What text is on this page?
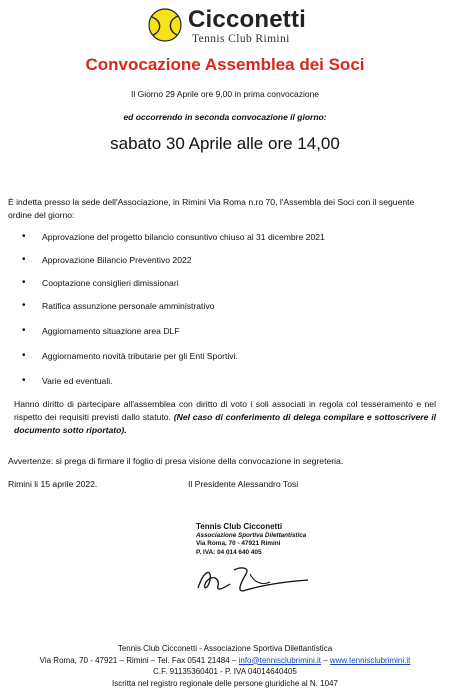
Cicconetti
Tennis Club Rimini
Convocazione Assemblea dei Soci
Il Giorno 29 Aprile ore 9,00 in prima convocazione
ed occorrendo in seconda convocazione il giorno:
sabato 30 Aprile alle ore 14,00
È indetta presso la sede dell'Associazione, in Rimini Via Roma n.ro 70, l'Assembla dei Soci con il seguente ordine del giorno:
• Approvazione del progetto bilancio consuntivo chiuso al 31 dicembre 2021
• Approvazione Bilancio Preventivo 2022
• Cooptazione consiglieri dimissionari
• Ratifica assunzione personale amministrativo
• Aggiornamento situazione area DLF
• Aggiornamento novità tributarie per gli Enti Sportivi.
• Varie ed eventuali.
Hanno diritto di partecipare all'assemblea con diritto di voto i soli associati in regola col tesseramento e nel rispetto dei requisiti previsti dallo statuto. (Nel caso di conferimento di delega compilare e sottoscrivere il documento sotto riportato).
Avvertenze: si prega di firmare il foglio di presa visione della convocazione in segreteria.
Rimini li 15 aprile 2022.	Il Presidente Alessandro Tosi
Tennis Club Cicconetti
Associazione Sportiva Dilettantistica
Via Roma, 70 - 47921 Rimini
P. IVA: 04 014 640 405
Tennis Club Cicconetti - Associazione Sportiva Dilettantistica
Via Roma, 70 - 47921 – Rimini – Tel. Fax 0541 21484 – info@tennisclubrimini.it – www.tennisclubrimini.it
C.F. 91135360401 - P. IVA 04014640405
Iscritta nel registro regionale delle persone giuridiche al N. 1047
